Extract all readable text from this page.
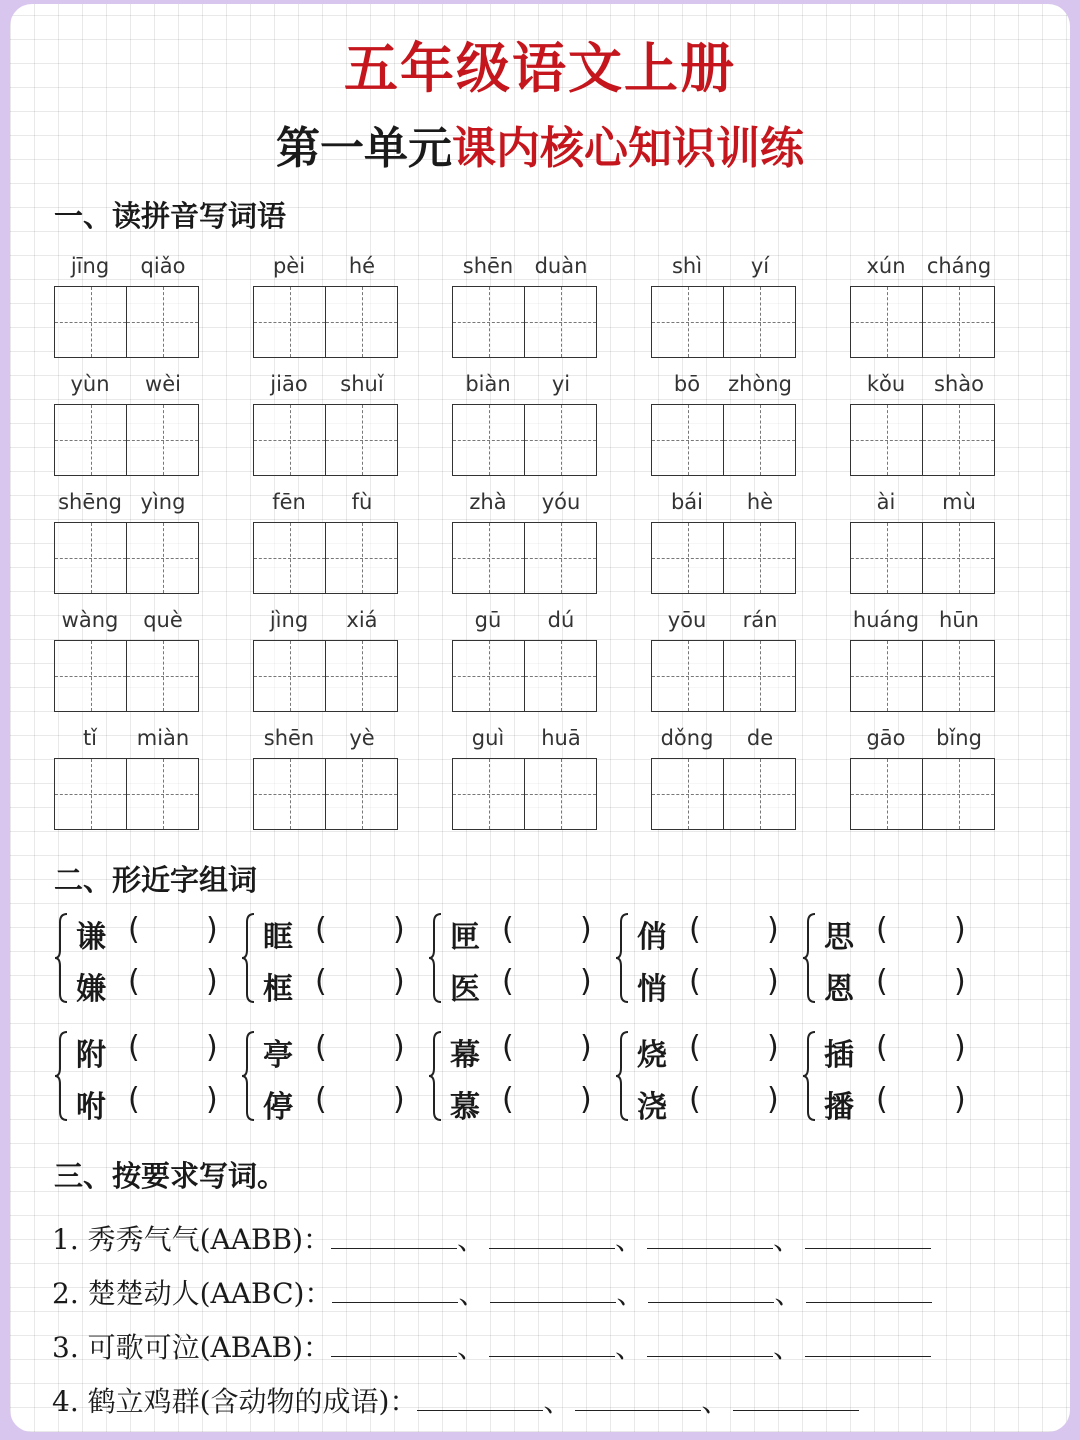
五年级语文上册
第一单元课内核心知识训练
一、读拼音写词语
jīng	qiǎo	pèi	hé	shēn	duàn	shì	yí	xún	cháng
yùn	wèi	jiāo	shuǐ	biàn	yi	bō	zhòng	kǒu	shào
shēng yìng	fēn	fù	zhà	yóu	bái	hè	ài	mù
wàng	què	jìng	xiá	gū	dú	yōu	rán	huáng hūn
tǐ	miàn	shēn	yè	guì	huā	dǒng	de	gāo	bǐng
二、形近字组词
谦 ( )
嫌 ( )
眶 ( )
框 ( )
匣 ( )
医 ( )
俏 ( )
悄 ( )
思 ( )
恩 ( )
附 ( )
咐 ( )
亭 ( )
停 ( )
幕 ( )
慕 ( )
烧 ( )
浇 ( )
插 ( )
播 ( )
三、按要求写词。
1. 秀秀气气(AABB)：	、	、	、
2. 楚楚动人(AABC)：	、	、	、
3. 可歌可泣(ABAB)：	、	、	、
4. 鹤立鸡群(含动物的成语)：	、	、
